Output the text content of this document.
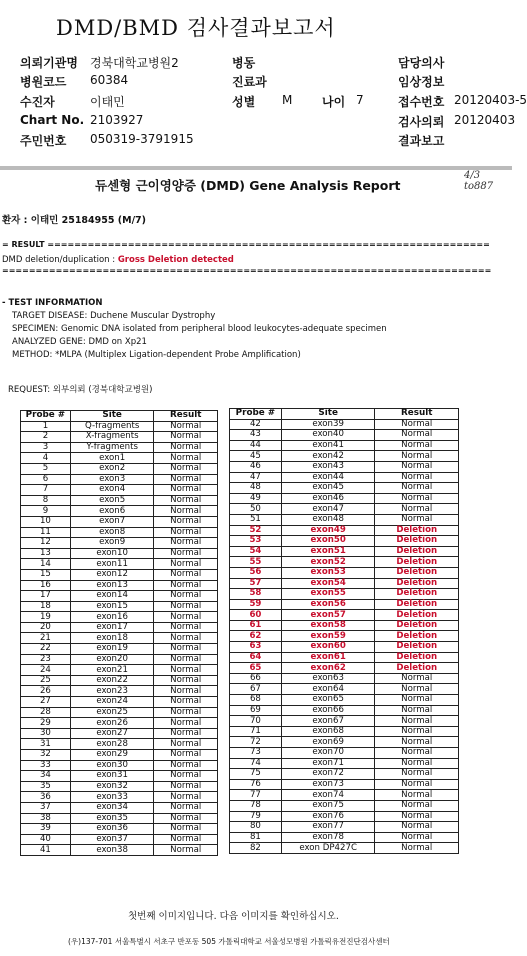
DMD/BMD 검사결과보고서
의뢰기관명 경북대학교병원2	병동	담당의사
병원코드 60384	진료과	임상정보
수진자	이태민	성별 M 나이 7	접수번호 20120403-5
Chart No. 2103927	검사의뢰 20120403
주민번호 050319-3791915	결과보고
듀센형 근이영양증 (DMD) Gene Analysis Report
4/3
to887
환자 : 이태민 25184955 (M/7)
= RESULT ==================================================================
DMD deletion/duplication : Gross Deletion detected
=========================================================================
- TEST INFORMATION
TARGET DISEASE: Duchene Muscular Dystrophy
SPECIMEN: Genomic DNA isolated from peripheral blood leukocytes-adequate specimen
ANALYZED GENE: DMD on Xp21
METHOD: *MLPA (Multiplex Ligation-dependent Probe Amplification)
REQUEST: 외부의뢰 (경북대학교병원)
Probe #	Site	Result
1	Q-fragments	Normal
2	X-fragments	Normal
3	Y-fragments	Normal
4	exon1	Normal
5	exon2	Normal
6	exon3	Normal
7	exon4	Normal
8	exon5	Normal
9	exon6	Normal
10	exon7	Normal
11	exon8	Normal
12	exon9	Normal
13	exon10	Normal
14	exon11	Normal
15	exon12	Normal
16	exon13	Normal
17	exon14	Normal
18	exon15	Normal
19	exon16	Normal
20	exon17	Normal
21	exon18	Normal
22	exon19	Normal
23	exon20	Normal
24	exon21	Normal
25	exon22	Normal
26	exon23	Normal
27	exon24	Normal
28	exon25	Normal
29	exon26	Normal
30	exon27	Normal
31	exon28	Normal
32	exon29	Normal
33	exon30	Normal
34	exon31	Normal
35	exon32	Normal
36	exon33	Normal
37	exon34	Normal
38	exon35	Normal
39	exon36	Normal
40	exon37	Normal
41	exon38	Normal
Probe #	Site	Result
42	exon39	Normal
43	exon40	Normal
44	exon41	Normal
45	exon42	Normal
46	exon43	Normal
47	exon44	Normal
48	exon45	Normal
49	exon46	Normal
50	exon47	Normal
51	exon48	Normal
52	exon49	Deletion
53	exon50	Deletion
54	exon51	Deletion
55	exon52	Deletion
56	exon53	Deletion
57	exon54	Deletion
58	exon55	Deletion
59	exon56	Deletion
60	exon57	Deletion
61	exon58	Deletion
62	exon59	Deletion
63	exon60	Deletion
64	exon61	Deletion
65	exon62	Deletion
66	exon63	Normal
67	exon64	Normal
68	exon65	Normal
69	exon66	Normal
70	exon67	Normal
71	exon68	Normal
72	exon69	Normal
73	exon70	Normal
74	exon71	Normal
75	exon72	Normal
76	exon73	Normal
77	exon74	Normal
78	exon75	Normal
79	exon76	Normal
80	exon77	Normal
81	exon78	Normal
82	exon DP427C	Normal
첫번째 이미지입니다. 다음 이미지를 확인하십시오.
(우)137-701 서울특별시 서초구 반포동 505 가톨릭대학교 서울성모병원 가톨릭유전진단검사센터
